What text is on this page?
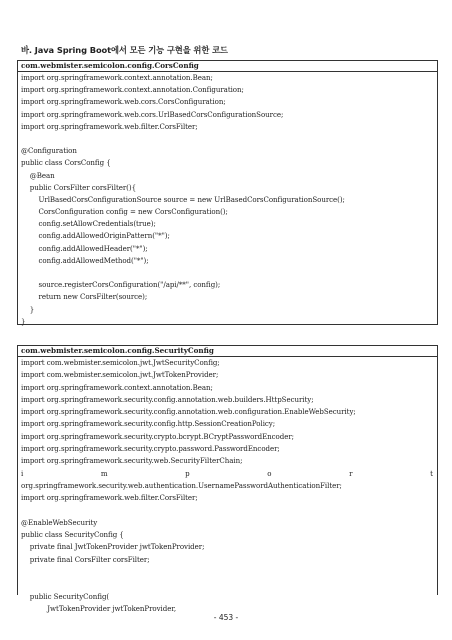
바. Java Spring Boot에서 모든 기능 구현을 위한 코드
com.webmister.semicolon.config.CorsConfig
import org.springframework.context.annotation.Bean;
import org.springframework.context.annotation.Configuration;
import org.springframework.web.cors.CorsConfiguration;
import org.springframework.web.cors.UrlBasedCorsConfigurationSource;
import org.springframework.web.filter.CorsFilter;
@Configuration
public class CorsConfig {
@Bean
public CorsFilter corsFilter(){
UrlBasedCorsConfigurationSource source = new UrlBasedCorsConfigurationSource();
CorsConfiguration config = new CorsConfiguration();
config.setAllowCredentials(true);
config.addAllowedOriginPattern("*");
config.addAllowedHeader("*");
config.addAllowedMethod("*");
source.registerCorsConfiguration("/api/**", config);
return new CorsFilter(source);
}
}
com.webmister.semicolon.config.SecurityConfig
import com.webmister.semicolon.jwt.JwtSecurityConfig;
import com.webmister.semicolon.jwt.JwtTokenProvider;
import org.springframework.context.annotation.Bean;
import org.springframework.security.config.annotation.web.builders.HttpSecurity;
import org.springframework.security.config.annotation.web.configuration.EnableWebSecurity;
import org.springframework.security.config.http.SessionCreationPolicy;
import org.springframework.security.crypto.bcrypt.BCryptPasswordEncoder;
import org.springframework.security.crypto.password.PasswordEncoder;
import org.springframework.security.web.SecurityFilterChain;
i	m	p	o	r	t
org.springframework.security.web.authentication.UsernamePasswordAuthenticationFilter;
import org.springframework.web.filter.CorsFilter;
@EnableWebSecurity
public class SecurityConfig {
private final JwtTokenProvider jwtTokenProvider;
private final CorsFilter corsFilter;
public SecurityConfig(
JwtTokenProvider jwtTokenProvider,
- 453 -
